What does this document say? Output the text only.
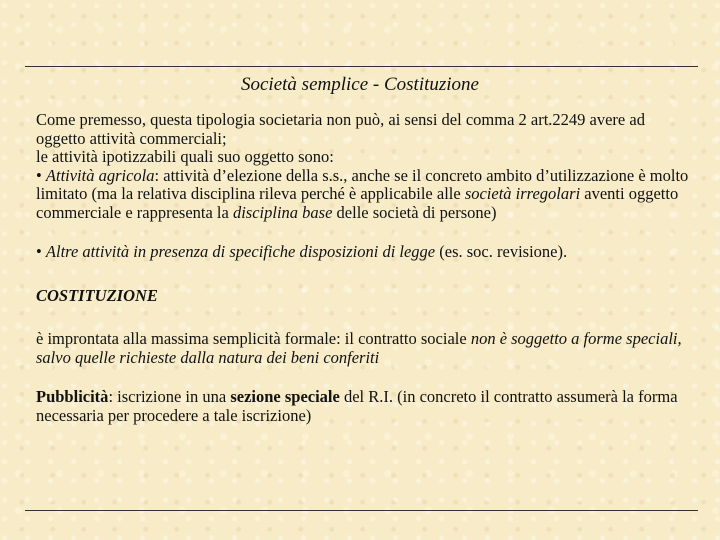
Società semplice - Costituzione

Come premesso, questa tipologia societaria non può, ai sensi del comma 2 art.2249 avere ad oggetto attività commerciali;

le attività ipotizzabili quali suo oggetto sono:

• Attività agricola: attività d’elezione della s.s., anche se il concreto ambito d’utilizzazione è molto limitato (ma la relativa disciplina rileva perché è applicabile alle società irregolari aventi oggetto commerciale e rappresenta la disciplina base delle società di persone)

• Altre attività in presenza di specifiche disposizioni di legge (es. soc. revisione).

COSTITUZIONE

è improntata alla massima semplicità formale: il contratto sociale non è soggetto a forme speciali, salvo quelle richieste dalla natura dei beni conferiti

Pubblicità: iscrizione in una sezione speciale del R.I. (in concreto il contratto assumerà la forma necessaria per procedere a tale iscrizione)
